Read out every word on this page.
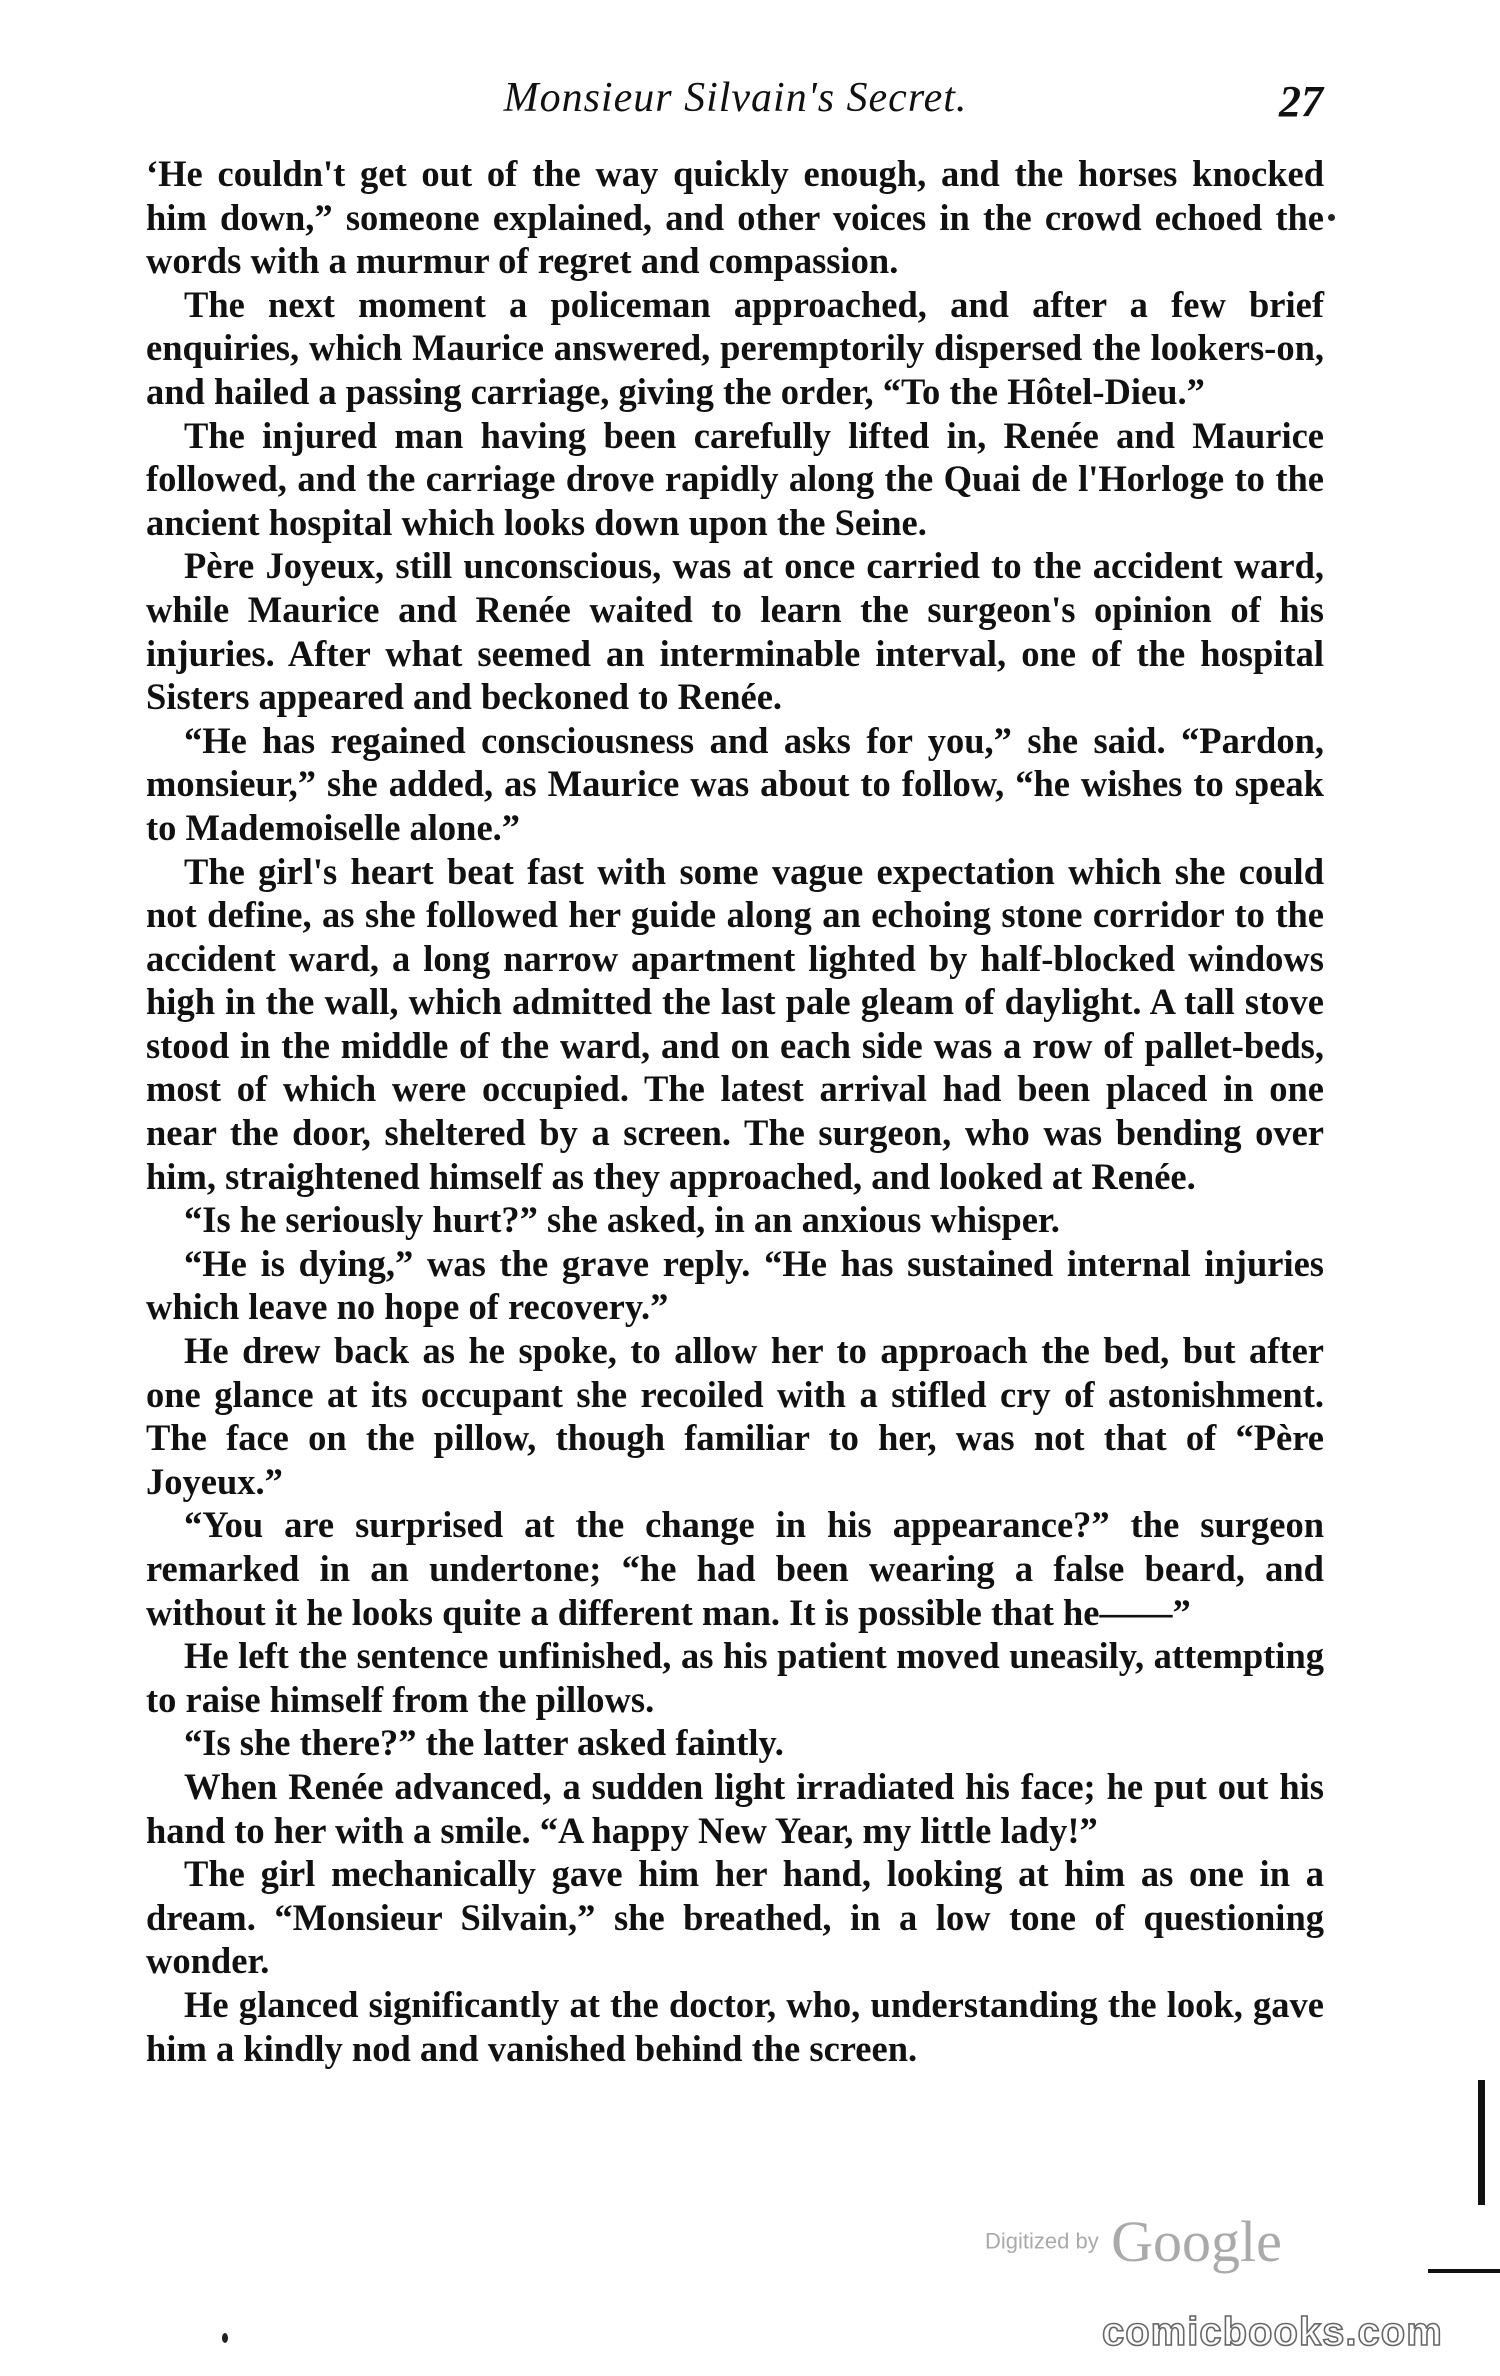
Monsieur Silvain's Secret.	27

‘He couldn't get out of the way quickly enough, and the horses knocked him down,” someone explained, and other voices in the crowd echoed the words with a murmur of regret and compassion.

The next moment a policeman approached, and after a few brief enquiries, which Maurice answered, peremptorily dispersed the lookers-on, and hailed a passing carriage, giving the order, “To the Hôtel-Dieu.”

The injured man having been carefully lifted in, Renée and Maurice followed, and the carriage drove rapidly along the Quai de l'Horloge to the ancient hospital which looks down upon the Seine.

Père Joyeux, still unconscious, was at once carried to the accident ward, while Maurice and Renée waited to learn the surgeon's opinion of his injuries. After what seemed an interminable interval, one of the hospital Sisters appeared and beckoned to Renée.

“He has regained consciousness and asks for you,” she said. “Pardon, monsieur,” she added, as Maurice was about to follow, “he wishes to speak to Mademoiselle alone.”

The girl's heart beat fast with some vague expectation which she could not define, as she followed her guide along an echoing stone corridor to the accident ward, a long narrow apartment lighted by half-blocked windows high in the wall, which admitted the last pale gleam of daylight. A tall stove stood in the middle of the ward, and on each side was a row of pallet-beds, most of which were occupied. The latest arrival had been placed in one near the door, sheltered by a screen. The surgeon, who was bending over him, straightened himself as they approached, and looked at Renée.

“Is he seriously hurt?” she asked, in an anxious whisper.

“He is dying,” was the grave reply. “He has sustained internal injuries which leave no hope of recovery.”

He drew back as he spoke, to allow her to approach the bed, but after one glance at its occupant she recoiled with a stifled cry of astonishment. The face on the pillow, though familiar to her, was not that of “Père Joyeux.”

“You are surprised at the change in his appearance?” the surgeon remarked in an undertone; “he had been wearing a false beard, and without it he looks quite a different man. It is possible that he——”

He left the sentence unfinished, as his patient moved uneasily, attempting to raise himself from the pillows.

“Is she there?” the latter asked faintly.

When Renée advanced, a sudden light irradiated his face; he put out his hand to her with a smile. “A happy New Year, my little lady!”

The girl mechanically gave him her hand, looking at him as one in a dream. “Monsieur Silvain,” she breathed, in a low tone of questioning wonder.

He glanced significantly at the doctor, who, understanding the look, gave him a kindly nod and vanished behind the screen.

Digitized by Google
comicbooks.com
